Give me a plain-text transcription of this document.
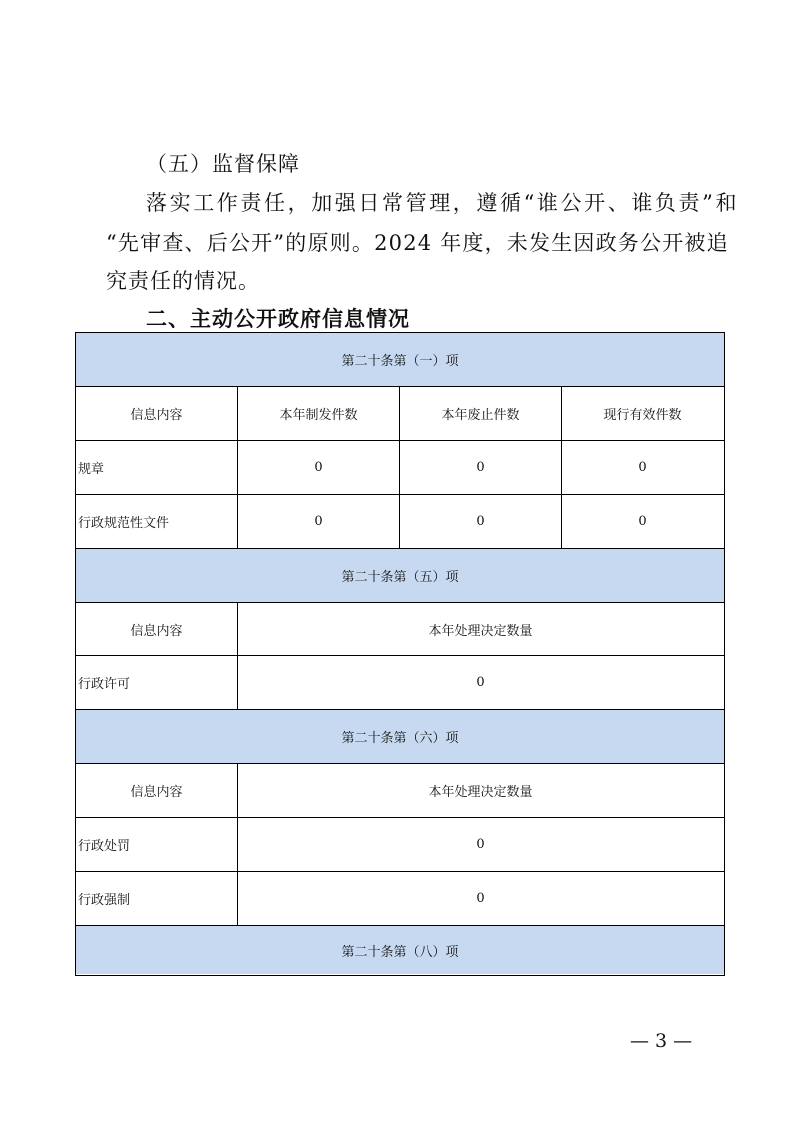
（五）监督保障
落实工作责任，加强日常管理，遵循“谁公开、谁负责”和
“先审查、后公开”的原则。2024 年度，未发生因政务公开被追
究责任的情况。
二、主动公开政府信息情况
第二十条第（一）项
信息内容	本年制发件数	本年废止件数	现行有效件数
规章	0	0	0
行政规范性文件	0	0	0
第二十条第（五）项
信息内容	本年处理决定数量
行政许可	0
第二十条第（六）项
信息内容	本年处理决定数量
行政处罚	0
行政强制	0
第二十条第（八）项
— 3 —
